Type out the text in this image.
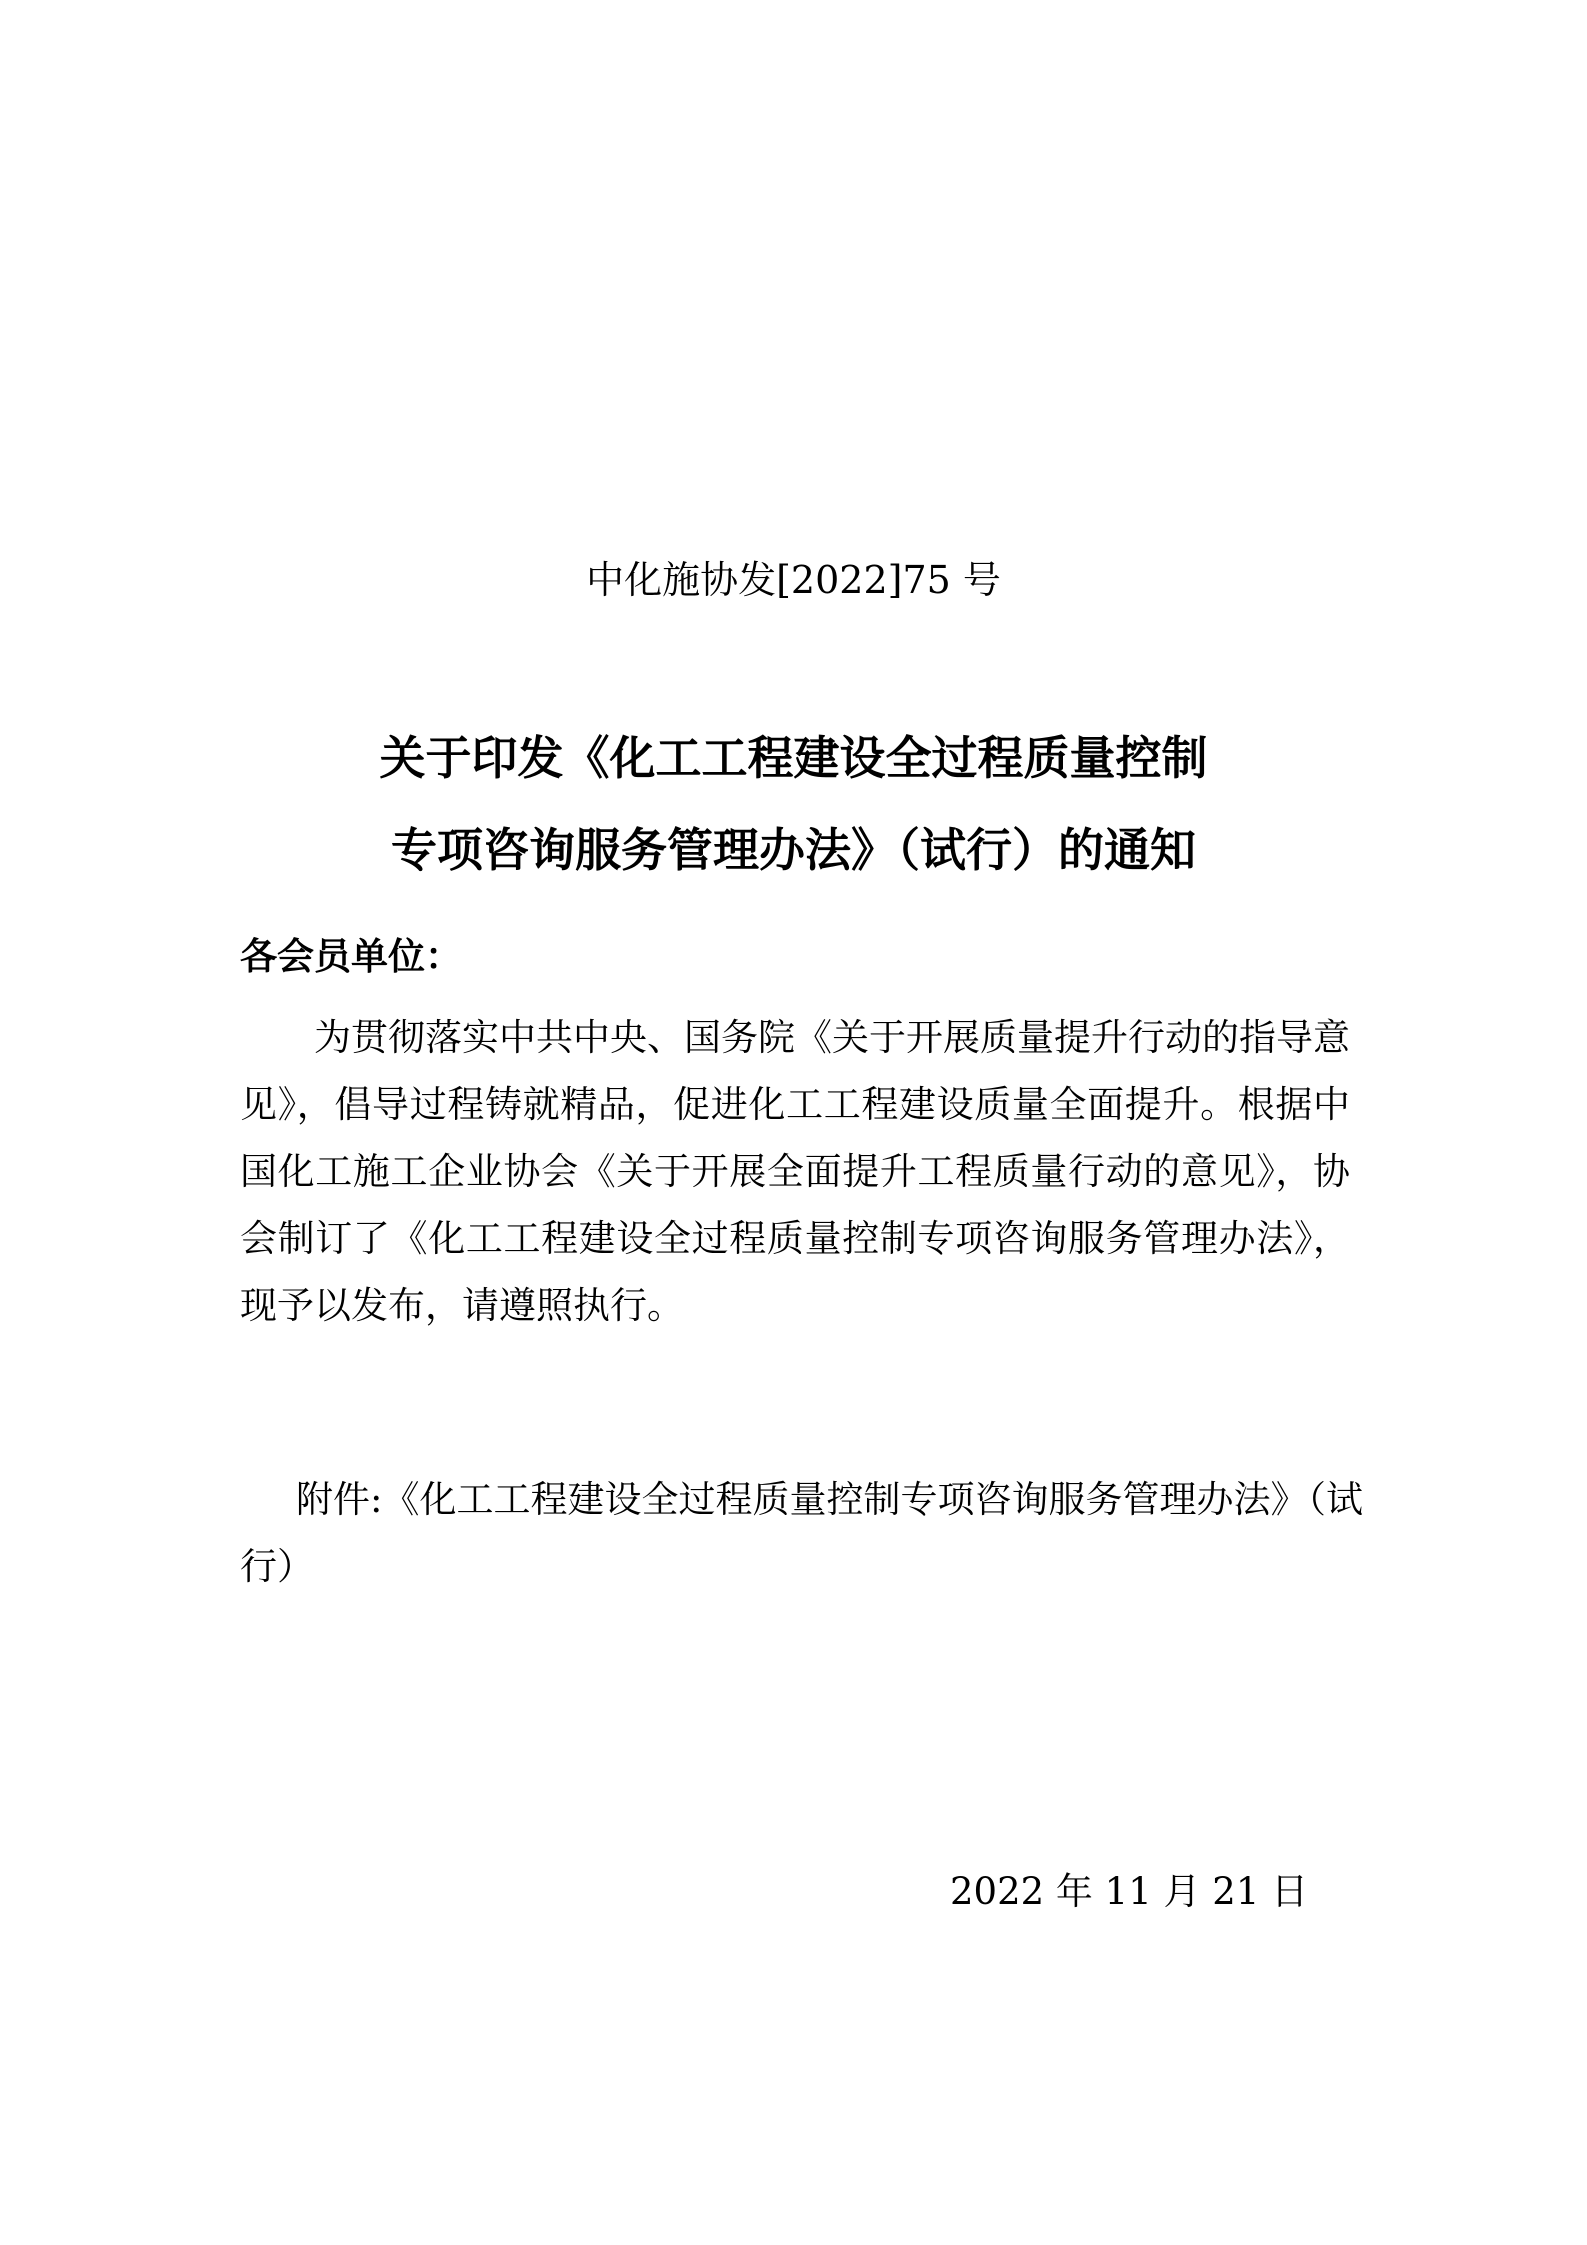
中化施协发[2022]75 号
关于印发《化工工程建设全过程质量控制
专项咨询服务管理办法》（试行）的通知
各会员单位：
为贯彻落实中共中央、国务院《关于开展质量提升行动的指导意
见》，倡导过程铸就精品，促进化工工程建设质量全面提升。根据中
国化工施工企业协会《关于开展全面提升工程质量行动的意见》，协
会制订了《化工工程建设全过程质量控制专项咨询服务管理办法》，
现予以发布，请遵照执行。
附件:《化工工程建设全过程质量控制专项咨询服务管理办法》（试
行）
2022 年 11 月 21 日
